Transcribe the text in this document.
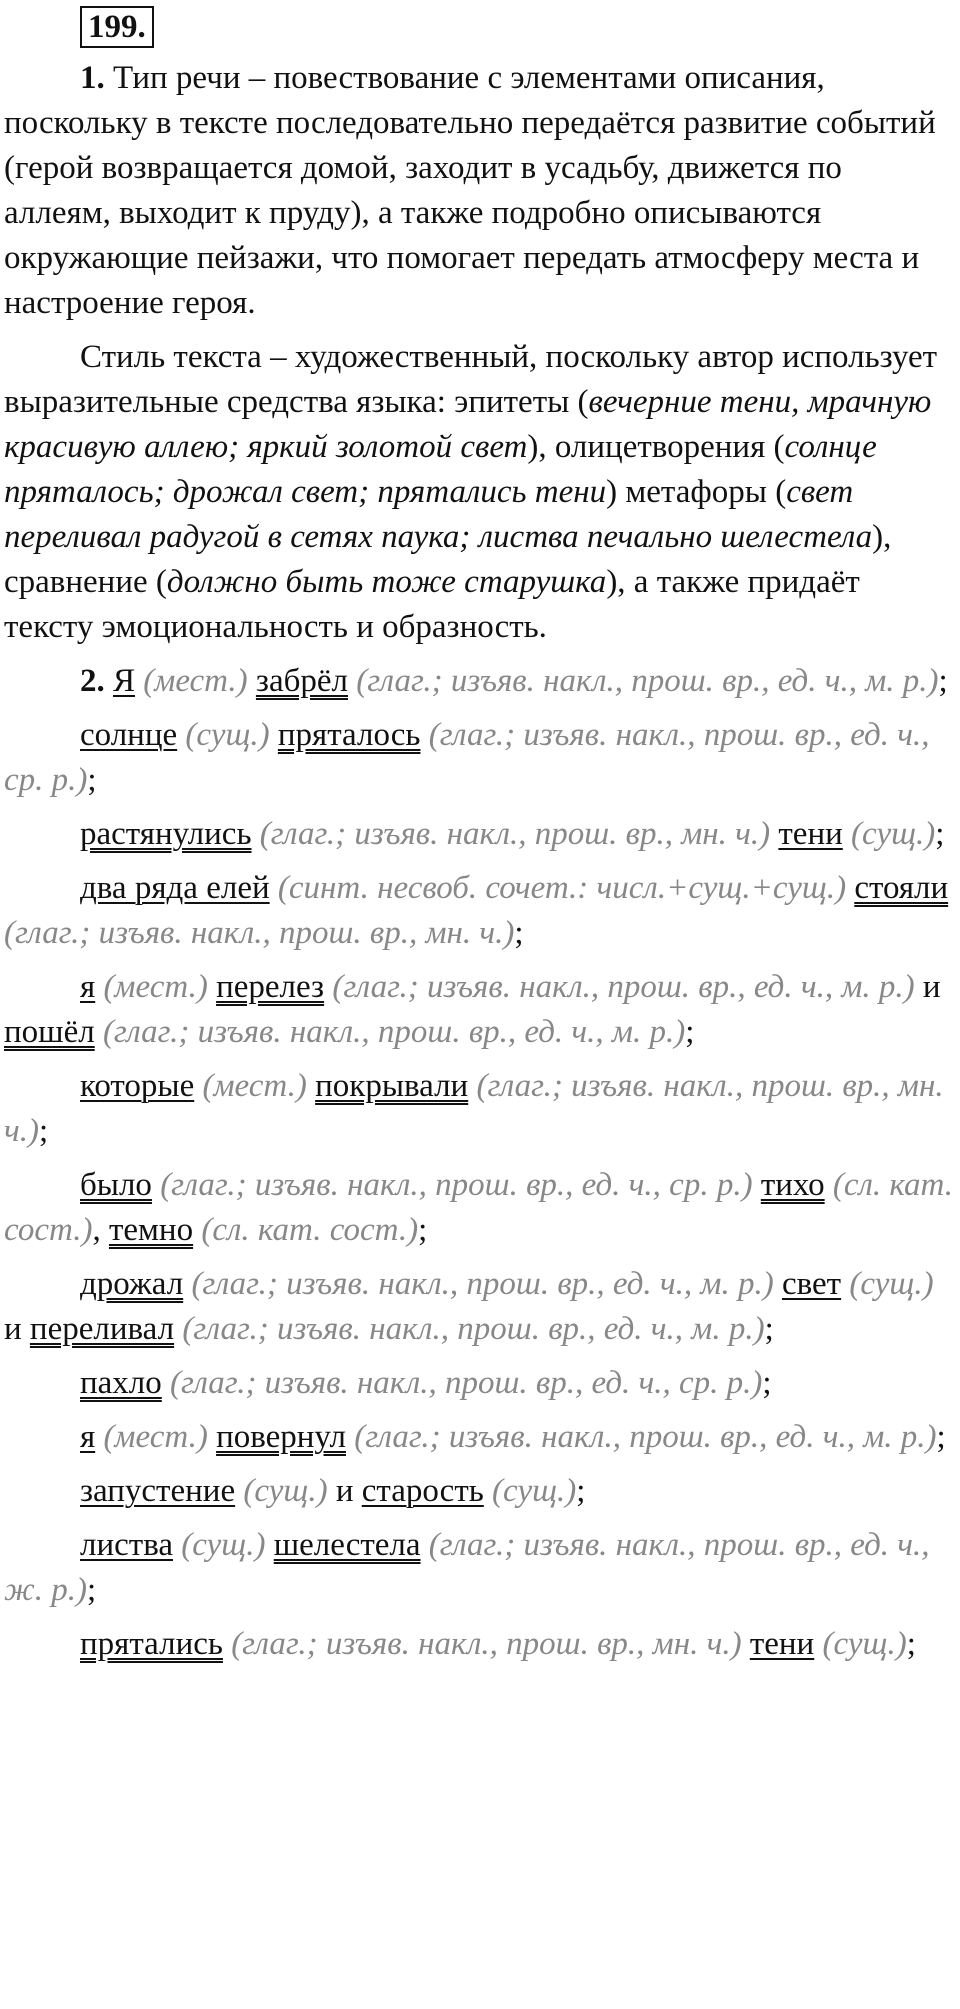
199.

1. Тип речи – повествование с элементами описания, поскольку в тексте последовательно передаётся развитие событий (герой возвращается домой, заходит в усадьбу, движется по аллеям, выходит к пруду), а также подробно описываются окружающие пейзажи, что помогает передать атмосферу места и настроение героя.

Стиль текста – художественный, поскольку автор использует выразительные средства языка: эпитеты (вечерние тени, мрачную красивую аллею; яркий золотой свет), олицетворения (солнце пряталось; дрожал свет; прятались тени) метафоры (свет переливал радугой в сетях паука; листва печально шелестела), сравнение (должно быть тоже старушка), а также придаёт тексту эмоциональность и образность.

2. Я (мест.) забрёл (глаг.; изъяв. накл., прош. вр., ед. ч., м. р.);

солнце (сущ.) пряталось (глаг.; изъяв. накл., прош. вр., ед. ч., ср. р.);

растянулись (глаг.; изъяв. накл., прош. вр., мн. ч.) тени (сущ.);

два ряда елей (синт. несвоб. сочет.: числ.+сущ.+сущ.) стояли (глаг.; изъяв. накл., прош. вр., мн. ч.);

я (мест.) перелез (глаг.; изъяв. накл., прош. вр., ед. ч., м. р.) и пошёл (глаг.; изъяв. накл., прош. вр., ед. ч., м. р.);

которые (мест.) покрывали (глаг.; изъяв. накл., прош. вр., мн. ч.);

было (глаг.; изъяв. накл., прош. вр., ед. ч., ср. р.) тихо (сл. кат. сост.), темно (сл. кат. сост.);

дрожал (глаг.; изъяв. накл., прош. вр., ед. ч., м. р.) свет (сущ.) и переливал (глаг.; изъяв. накл., прош. вр., ед. ч., м. р.);

пахло (глаг.; изъяв. накл., прош. вр., ед. ч., ср. р.);

я (мест.) повернул (глаг.; изъяв. накл., прош. вр., ед. ч., м. р.);

запустение (сущ.) и старость (сущ.);

листва (сущ.) шелестела (глаг.; изъяв. накл., прош. вр., ед. ч., ж. р.);

прятались (глаг.; изъяв. накл., прош. вр., мн. ч.) тени (сущ.);
